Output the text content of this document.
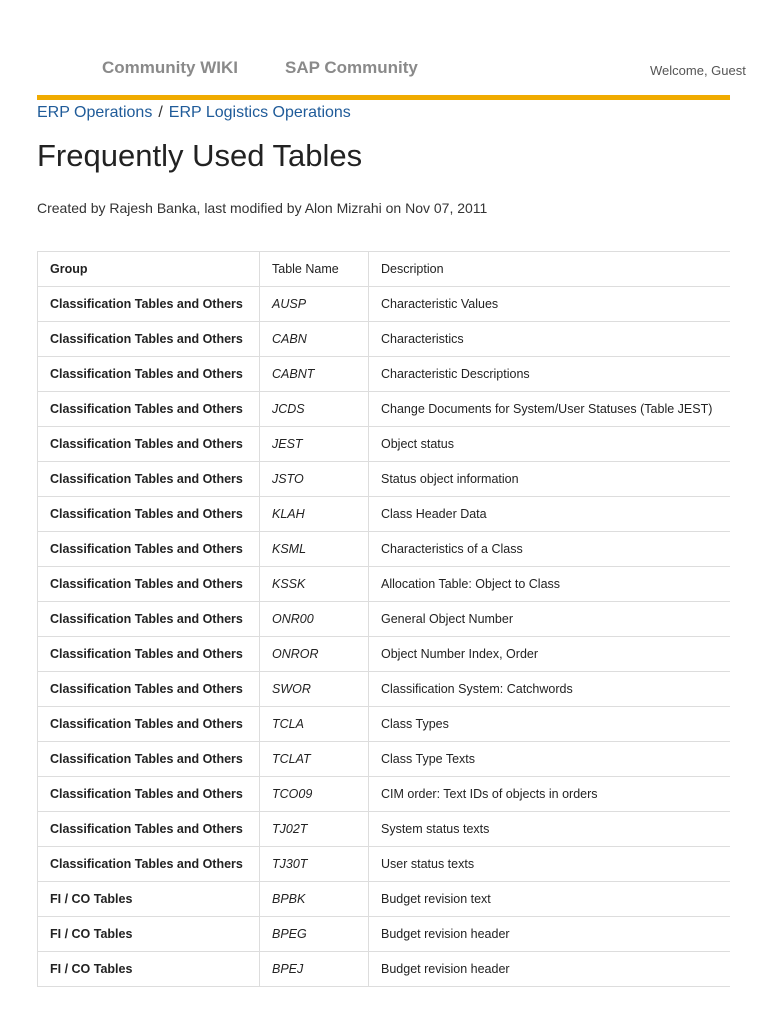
Community WIKI	SAP Community	Welcome, Guest
ERP Operations / ERP Logistics Operations
Frequently Used Tables
Created by Rajesh Banka, last modified by Alon Mizrahi on Nov 07, 2011
Group	Table Name	Description
Classification Tables and Others	AUSP	Characteristic Values
Classification Tables and Others	CABN	Characteristics
Classification Tables and Others	CABNT	Characteristic Descriptions
Classification Tables and Others	JCDS	Change Documents for System/User Statuses (Table JEST)
Classification Tables and Others	JEST	Object status
Classification Tables and Others	JSTO	Status object information
Classification Tables and Others	KLAH	Class Header Data
Classification Tables and Others	KSML	Characteristics of a Class
Classification Tables and Others	KSSK	Allocation Table: Object to Class
Classification Tables and Others	ONR00	General Object Number
Classification Tables and Others	ONROR	Object Number Index, Order
Classification Tables and Others	SWOR	Classification System: Catchwords
Classification Tables and Others	TCLA	Class Types
Classification Tables and Others	TCLAT	Class Type Texts
Classification Tables and Others	TCO09	CIM order: Text IDs of objects in orders
Classification Tables and Others	TJ02T	System status texts
Classification Tables and Others	TJ30T	User status texts
FI / CO Tables	BPBK	Budget revision text
FI / CO Tables	BPEG	Budget revision header
FI / CO Tables	BPEJ	Budget revision header
